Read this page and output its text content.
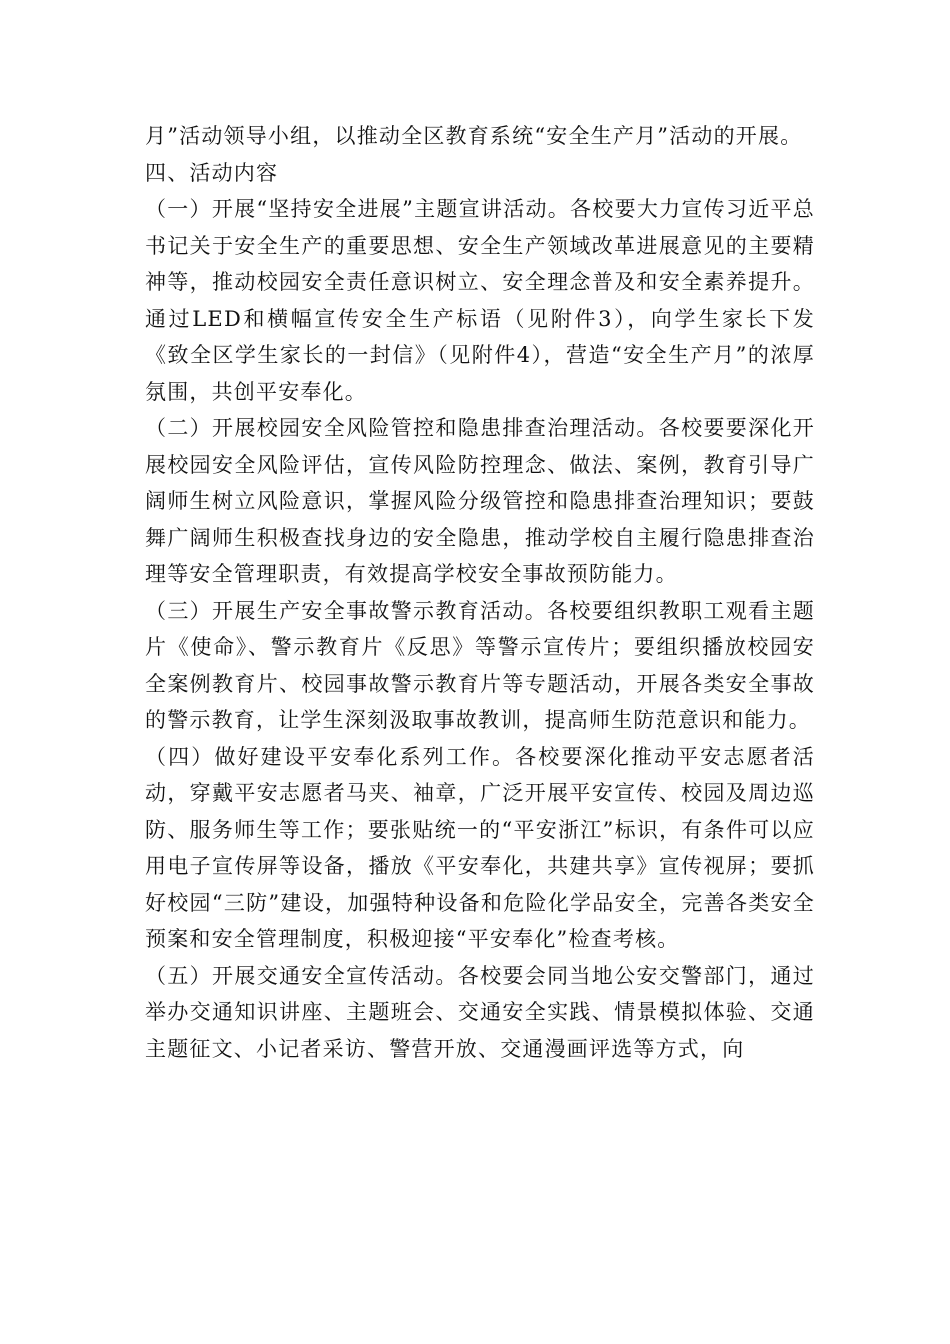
月”活动领导小组，以推动全区教育系统“安全生产月”活动的开展。

四、活动内容

（一）开展“坚持安全进展”主题宣讲活动。各校要大力宣传习近平总书记关于安全生产的重要思想、安全生产领域改革进展意见的主要精神等，推动校园安全责任意识树立、安全理念普及和安全素养提升。通过LED和横幅宣传安全生产标语（见附件3），向学生家长下发《致全区学生家长的一封信》（见附件4），营造“安全生产月”的浓厚氛围，共创平安奉化。

（二）开展校园安全风险管控和隐患排查治理活动。各校要要深化开展校园安全风险评估，宣传风险防控理念、做法、案例，教育引导广阔师生树立风险意识，掌握风险分级管控和隐患排查治理知识；要鼓舞广阔师生积极查找身边的安全隐患，推动学校自主履行隐患排查治理等安全管理职责，有效提高学校安全事故预防能力。

（三）开展生产安全事故警示教育活动。各校要组织教职工观看主题片《使命》、警示教育片《反思》等警示宣传片；要组织播放校园安全案例教育片、校园事故警示教育片等专题活动，开展各类安全事故的警示教育，让学生深刻汲取事故教训，提高师生防范意识和能力。

（四）做好建设平安奉化系列工作。各校要深化推动平安志愿者活动，穿戴平安志愿者马夹、袖章，广泛开展平安宣传、校园及周边巡防、服务师生等工作；要张贴统一的“平安浙江”标识，有条件可以应用电子宣传屏等设备，播放《平安奉化，共建共享》宣传视屏；要抓好校园“三防”建设，加强特种设备和危险化学品安全，完善各类安全预案和安全管理制度，积极迎接“平安奉化”检查考核。

（五）开展交通安全宣传活动。各校要会同当地公安交警部门，通过举办交通知识讲座、主题班会、交通安全实践、情景模拟体验、交通主题征文、小记者采访、警营开放、交通漫画评选等方式，向
